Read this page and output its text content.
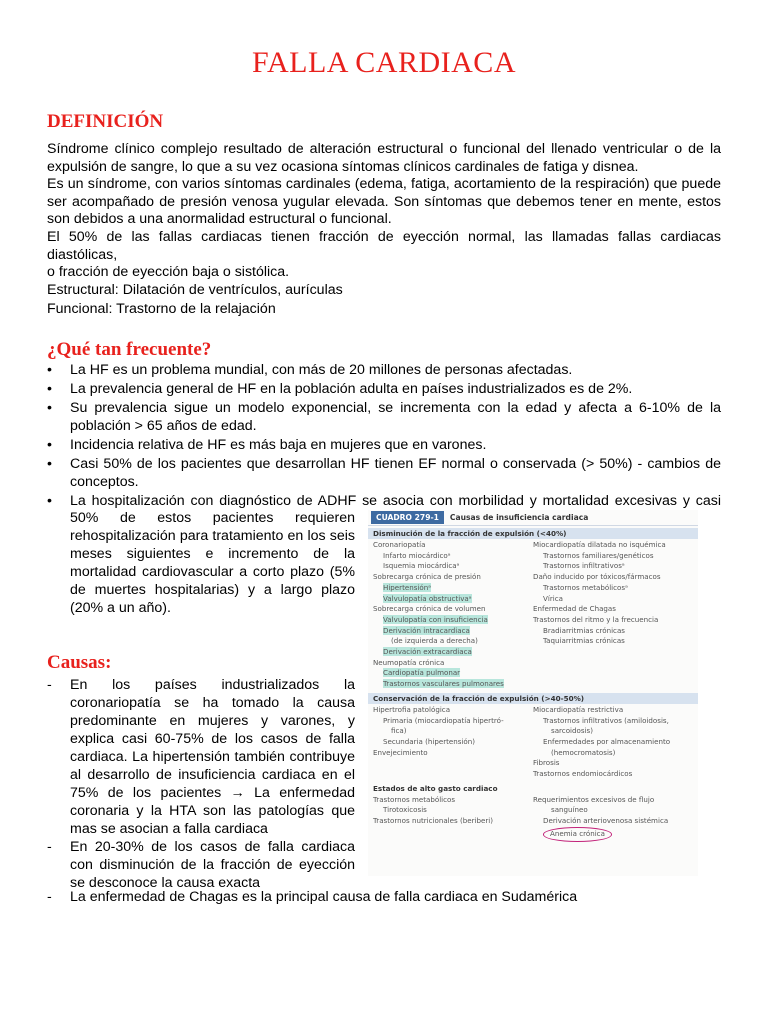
FALLA CARDIACA
DEFINICIÓN
Síndrome clínico complejo resultado de alteración estructural o funcional del llenado ventricular o de la
expulsión de sangre, lo que a su vez ocasiona síntomas clínicos cardinales de fatiga y disnea.
Es un síndrome, con varios síntomas cardinales (edema, fatiga, acortamiento de la respiración) que puede
ser acompañado de presión venosa yugular elevada. Son síntomas que debemos tener en mente, estos
son debidos a una anormalidad estructural o funcional.
El 50% de las fallas cardiacas tienen fracción de eyección normal, las llamadas fallas cardiacas diastólicas,
o fracción de eyección baja o sistólica.
Estructural: Dilatación de ventrículos, aurículas
Funcional: Trastorno de la relajación
¿Qué tan frecuente?
• La HF es un problema mundial, con más de 20 millones de personas afectadas.
• La prevalencia general de HF en la población adulta en países industrializados es de 2%.
• Su prevalencia sigue un modelo exponencial, se incrementa con la edad y afecta a 6-10% de la población > 65 años de edad.
• Incidencia relativa de HF es más baja en mujeres que en varones.
• Casi 50% de los pacientes que desarrollan HF tienen EF normal o conservada (> 50%) - cambios de conceptos.
• La hospitalización con diagnóstico de ADHF se asocia con morbilidad y mortalidad excesivas y casi
50% de estos pacientes requieren rehospitalización para tratamiento en los seis meses siguientes e incremento de la mortalidad cardiovascular a corto plazo (5% de muertes hospitalarias) y a largo plazo (20% a un año).
Causas:
- En los países industrializados la coronariopatía se ha tomado la causa predominante en mujeres y varones, y explica casi 60-75% de los casos de falla cardiaca. La hipertensión también contribuye al desarrollo de insuficiencia cardiaca en el 75% de los pacientes → La enfermedad coronaria y la HTA son las patologías que mas se asocian a falla cardiaca
- En 20-30% de los casos de falla cardiaca con disminución de la fracción de eyección se desconoce la causa exacta
- La enfermedad de Chagas es la principal causa de falla cardiaca en Sudamérica
CUADRO 279-1	Causas de insuficiencia cardiaca
Disminución de la fracción de expulsión (<40%)
Coronariopatía
Infarto miocárdicoᵃ
Isquemia miocárdicaᵃ
Sobrecarga crónica de presión
Hipertensiónᵃ
Valvulopatía obstructivaᵃ
Sobrecarga crónica de volumen
Valvulopatía con insuficiencia
Derivación intracardiaca
(de izquierda a derecha)
Derivación extracardiaca
Neumopatía crónica
Cardiopatía pulmonar
Trastornos vasculares pulmonares
Miocardiopatía dilatada no isquémica
Trastornos familiares/genéticos
Trastornos infiltrativosᵃ
Daño inducido por tóxicos/fármacos
Trastornos metabólicosᵃ
Vírica
Enfermedad de Chagas
Trastornos del ritmo y la frecuencia
Bradiarritmias crónicas
Taquiarritmias crónicas
Conservación de la fracción de expulsión (>40-50%)
Hipertrofia patológica
Primaria (miocardiopatía hipertró-
fica)
Secundaria (hipertensión)
Envejecimiento
Miocardiopatía restrictiva
Trastornos infiltrativos (amiloidosis,
sarcoidosis)
Enfermedades por almacenamiento
(hemocromatosis)
Fibrosis
Trastornos endomiocárdicos
Estados de alto gasto cardiaco
Trastornos metabólicos
Tirotoxicosis
Trastornos nutricionales (beriberi)
Requerimientos excesivos de flujo
sanguíneo
Derivación arteriovenosa sistémica
Anemia crónica
